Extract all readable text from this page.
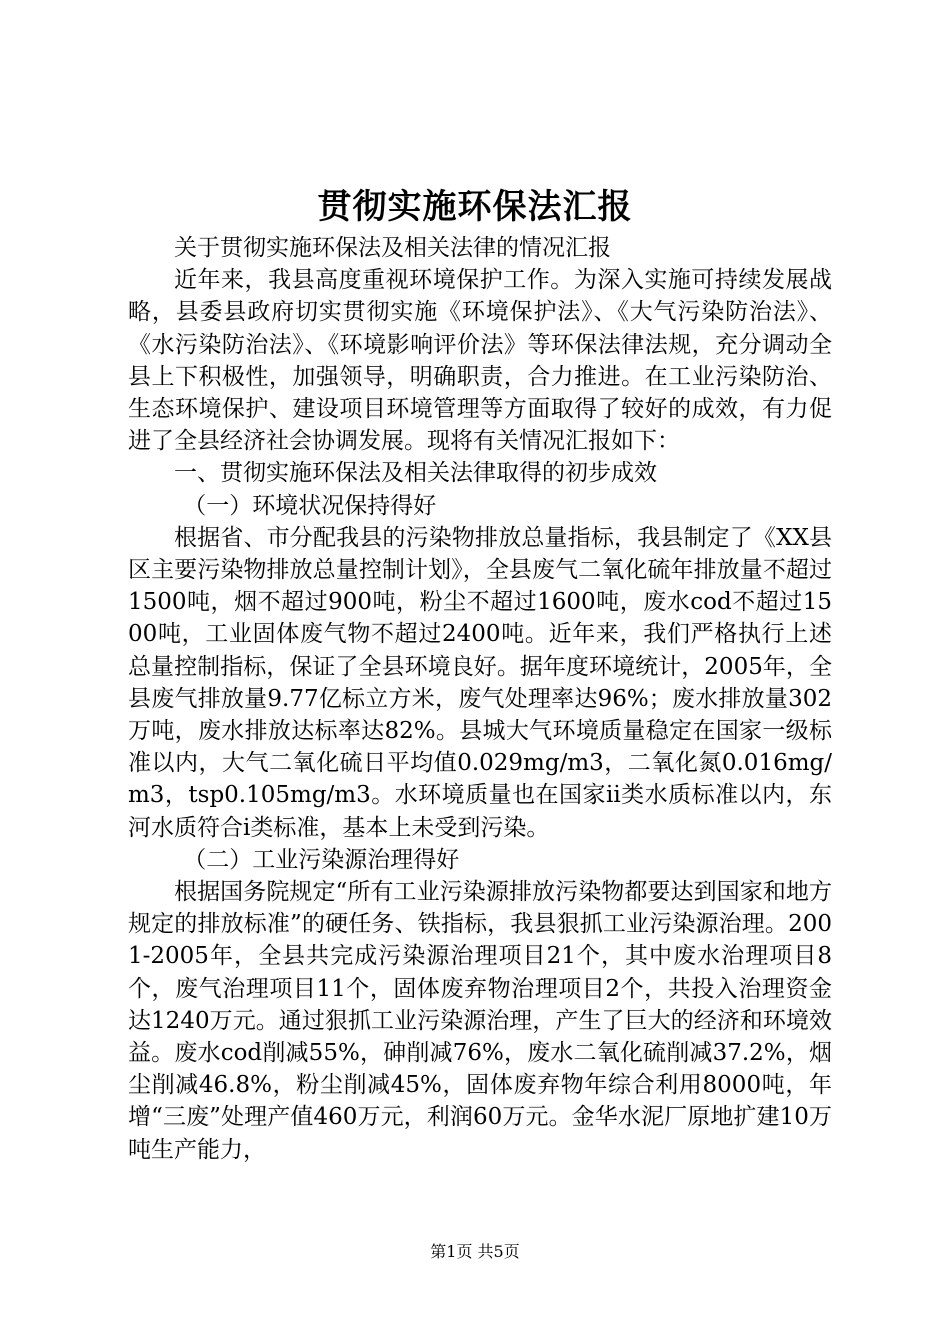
贯彻实施环保法汇报

关于贯彻实施环保法及相关法律的情况汇报

近年来，我县高度重视环境保护工作。为深入实施可持续发展战略，县委县政府切实贯彻实施《环境保护法》、《大气污染防治法》、《水污染防治法》、《环境影响评价法》等环保法律法规，充分调动全县上下积极性，加强领导，明确职责，合力推进。在工业污染防治、生态环境保护、建设项目环境管理等方面取得了较好的成效，有力促进了全县经济社会协调发展。现将有关情况汇报如下：

一、贯彻实施环保法及相关法律取得的初步成效

（一）环境状况保持得好

根据省、市分配我县的污染物排放总量指标，我县制定了《XX县区主要污染物排放总量控制计划》，全县废气二氧化硫年排放量不超过1500吨，烟不超过900吨，粉尘不超过1600吨，废水cod不超过1500吨，工业固体废气物不超过2400吨。近年来，我们严格执行上述总量控制指标，保证了全县环境良好。据年度环境统计，2005年，全县废气排放量9.77亿标立方米，废气处理率达96%；废水排放量302万吨，废水排放达标率达82%。县城大气环境质量稳定在国家一级标准以内，大气二氧化硫日平均值0.029mg/m3，二氧化氮0.016mg/m3，tsp0.105mg/m3。水环境质量也在国家ii类水质标准以内，东河水质符合i类标准，基本上未受到污染。

（二）工业污染源治理得好

根据国务院规定“所有工业污染源排放污染物都要达到国家和地方规定的排放标准”的硬任务、铁指标，我县狠抓工业污染源治理。2001-2005年，全县共完成污染源治理项目21个，其中废水治理项目8个，废气治理项目11个，固体废弃物治理项目2个，共投入治理资金达1240万元。通过狠抓工业污染源治理，产生了巨大的经济和环境效益。废水cod削减55%，砷削减76%，废水二氧化硫削减37.2%，烟尘削减46.8%，粉尘削减45%，固体废弃物年综合利用8000吨，年增“三废”处理产值460万元，利润60万元。金华水泥厂原地扩建10万吨生产能力，

第1页 共5页
